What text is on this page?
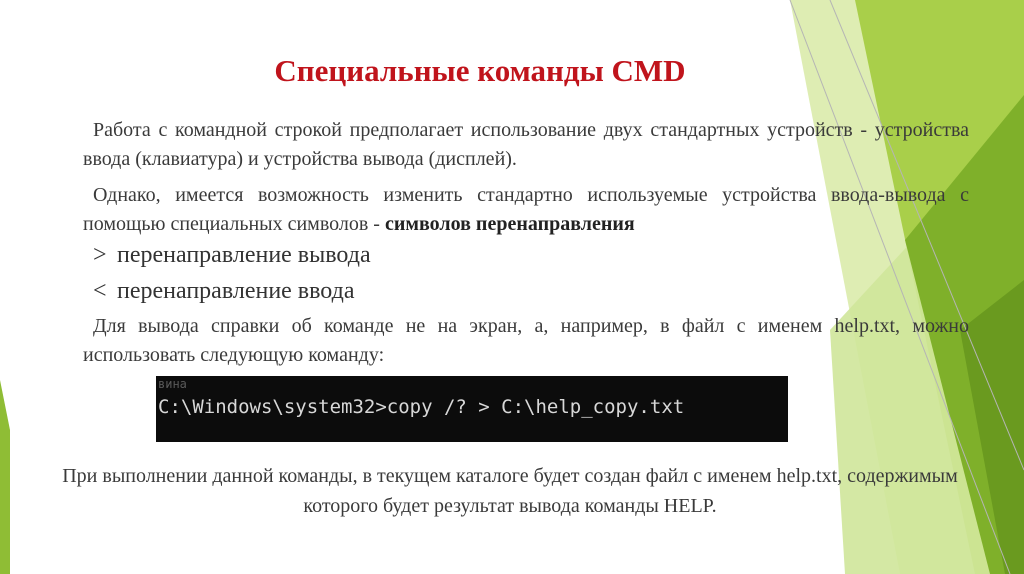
Специальные команды CMD
Работа с командной строкой предполагает использование двух стандартных устройств - устройства ввода (клавиатура) и устройства вывода (дисплей).
Однако, имеется возможность изменить стандартно используемые устройства ввода-вывода с помощью специальных символов - символов перенаправления
> перенаправление вывода
< перенаправление ввода
Для вывода справки об команде не на экран, а, например, в файл с именем help.txt, можно использовать следующую команду:
вина
C:\Windows\system32>copy /? > C:\help_copy.txt
При выполнении данной команды, в текущем каталоге будет создан файл с именем help.txt, содержимым которого будет результат вывода команды HELP.
